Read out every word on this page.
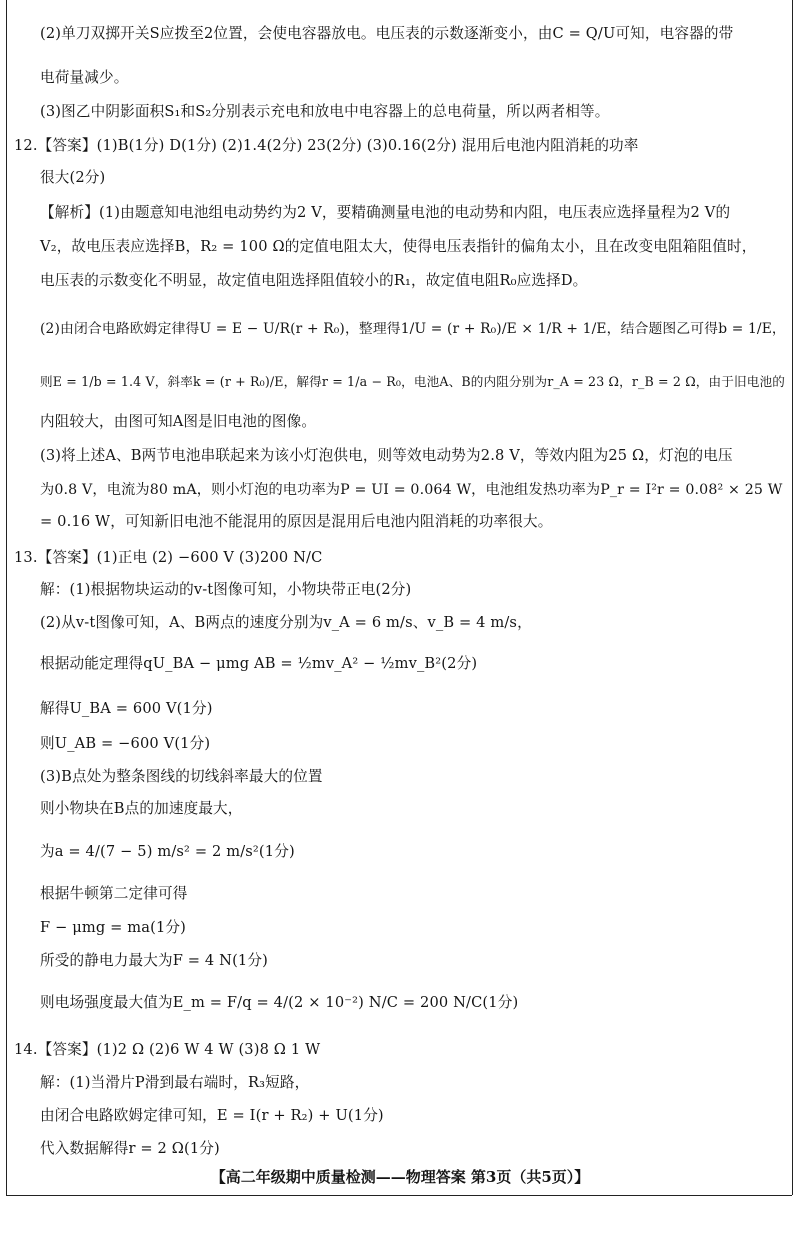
(2)单刀双掷开关S应拨至2位置，会使电容器放电。电压表的示数逐渐变小，由C = Q/U可知，电容器的带
电荷量减少。
(3)图乙中阴影面积S₁和S₂分别表示充电和放电中电容器上的总电荷量，所以两者相等。
12.【答案】(1)B(1分) D(1分) (2)1.4(2分) 23(2分) (3)0.16(2分) 混用后电池内阻消耗的功率
很大(2分)
【解析】(1)由题意知电池组电动势约为2 V，要精确测量电池的电动势和内阻，电压表应选择量程为2 V的
V₂，故电压表应选择B，R₂ = 100 Ω的定值电阻太大，使得电压表指针的偏角太小，且在改变电阻箱阻值时，
电压表的示数变化不明显，故定值电阻选择阻值较小的R₁，故定值电阻R₀应选择D。
(2)由闭合电路欧姆定律得U = E − U/R(r + R₀)，整理得1/U = (r + R₀)/E × 1/R + 1/E，结合题图乙可得b = 1/E，
则E = 1/b = 1.4 V，斜率k = (r + R₀)/E，解得r = 1/a − R₀，电池A、B的内阻分别为r_A = 23 Ω，r_B = 2 Ω，由于旧电池的
内阻较大，由图可知A图是旧电池的图像。
(3)将上述A、B两节电池串联起来为该小灯泡供电，则等效电动势为2.8 V，等效内阻为25 Ω，灯泡的电压
为0.8 V，电流为80 mA，则小灯泡的电功率为P = UI = 0.064 W，电池组发热功率为P_r = I²r = 0.08² × 25 W
= 0.16 W，可知新旧电池不能混用的原因是混用后电池内阻消耗的功率很大。
13.【答案】(1)正电 (2) −600 V (3)200 N/C
解：(1)根据物块运动的v-t图像可知，小物块带正电(2分)
(2)从v-t图像可知，A、B两点的速度分别为v_A = 6 m/s、v_B = 4 m/s，
根据动能定理得qU_BA − μmg AB = ½mv_A² − ½mv_B²(2分)
解得U_BA = 600 V(1分)
则U_AB = −600 V(1分)
(3)B点处为整条图线的切线斜率最大的位置
则小物块在B点的加速度最大，
为a = 4/(7 − 5) m/s² = 2 m/s²(1分)
根据牛顿第二定律可得
F − μmg = ma(1分)
所受的静电力最大为F = 4 N(1分)
则电场强度最大值为E_m = F/q = 4/(2 × 10⁻²) N/C = 200 N/C(1分)
14.【答案】(1)2 Ω (2)6 W 4 W (3)8 Ω 1 W
解：(1)当滑片P滑到最右端时，R₃短路，
由闭合电路欧姆定律可知，E = I(r + R₂) + U(1分)
代入数据解得r = 2 Ω(1分)
【高二年级期中质量检测——物理答案 第3页（共5页）】
